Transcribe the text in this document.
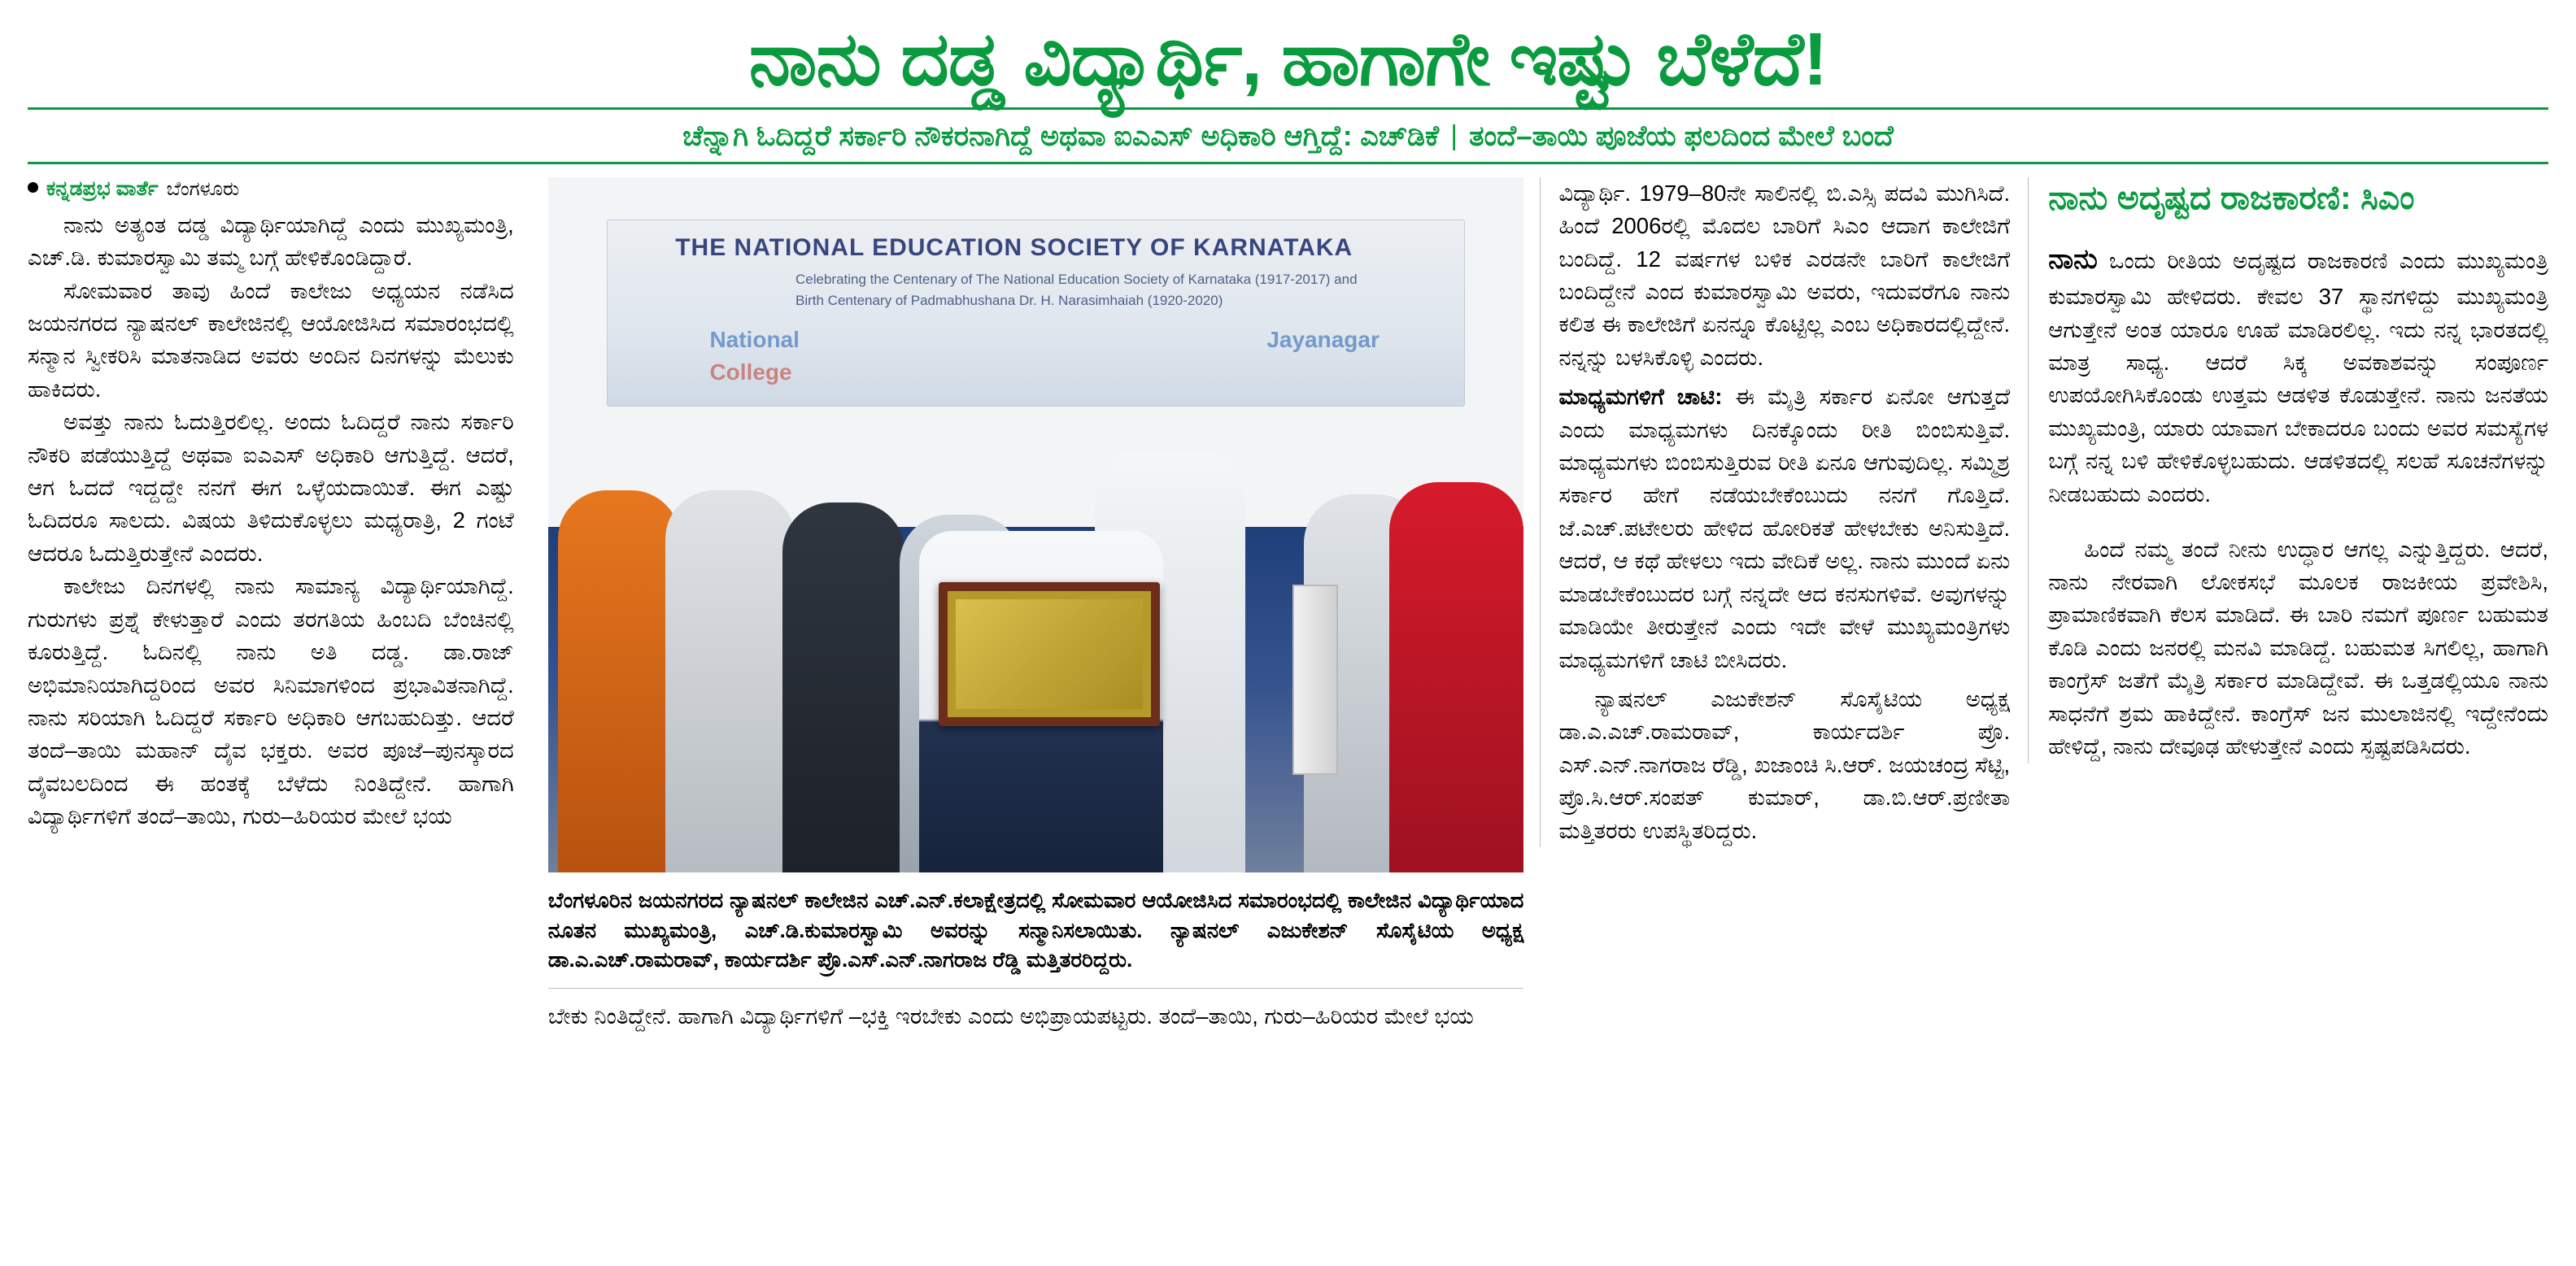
ನಾನು ದಡ್ಡ ವಿದ್ಯಾರ್ಥಿ, ಹಾಗಾಗೇ ಇಷ್ಟು ಬೆಳೆದೆ!
ಚೆನ್ನಾಗಿ ಓದಿದ್ದರೆ ಸರ್ಕಾರಿ ನೌಕರನಾಗಿದ್ದೆ ಅಥವಾ ಐಎಎಸ್ ಅಧಿಕಾರಿ ಆಗ್ತಿದ್ದೆ: ಎಚ್‌ಡಿಕೆ | ತಂದೆ–ತಾಯಿ ಪೂಜೆಯ ಫಲದಿಂದ ಮೇಲೆ ಬಂದೆ
ಕನ್ನಡಪ್ರಭ ವಾರ್ತೆ ಬೆಂಗಳೂರು

ನಾನು ಅತ್ಯಂತ ದಡ್ಡ ವಿದ್ಯಾರ್ಥಿಯಾಗಿದ್ದೆ ಎಂದು ಮುಖ್ಯಮಂತ್ರಿ, ಎಚ್‌.ಡಿ. ಕುಮಾರಸ್ವಾಮಿ ತಮ್ಮ ಬಗ್ಗೆ ಹೇಳಿಕೊಂಡಿದ್ದಾರೆ.

ಸೋಮವಾರ ತಾವು ಹಿಂದೆ ಕಾಲೇಜು ಅಧ್ಯಯನ ನಡೆಸಿದ ಜಯನಗರದ ನ್ಯಾಷನಲ್ ಕಾಲೇಜಿನಲ್ಲಿ ಆಯೋಜಿಸಿದ ಸಮಾರಂಭದಲ್ಲಿ ಸನ್ಮಾನ ಸ್ವೀಕರಿಸಿ ಮಾತನಾಡಿದ ಅವರು ಅಂದಿನ ದಿನಗಳನ್ನು ಮೆಲುಕು ಹಾಕಿದರು.

ಅವತ್ತು ನಾನು ಓದುತ್ತಿರಲಿಲ್ಲ. ಅಂದು ಓದಿದ್ದರೆ ನಾನು ಸರ್ಕಾರಿ ನೌಕರಿ ಪಡೆಯುತ್ತಿದ್ದೆ ಅಥವಾ ಐಎಎಸ್ ಅಧಿಕಾರಿ ಆಗುತ್ತಿದ್ದೆ. ಆದರೆ, ಆಗ ಓದದೆ ಇದ್ದದ್ದೇ ನನಗೆ ಈಗ ಒಳ್ಳೆಯದಾಯಿತೆ. ಈಗ ಎಷ್ಟು ಓದಿದರೂ ಸಾಲದು. ವಿಷಯ ತಿಳಿದುಕೊಳ್ಳಲು ಮಧ್ಯರಾತ್ರಿ, 2 ಗಂಟೆ ಆದರೂ ಓದುತ್ತಿರುತ್ತೇನೆ ಎಂದರು.

ಕಾಲೇಜು ದಿನಗಳಲ್ಲಿ ನಾನು ಸಾಮಾನ್ಯ ವಿದ್ಯಾರ್ಥಿಯಾಗಿದ್ದೆ. ಗುರುಗಳು ಪ್ರಶ್ನೆ ಕೇಳುತ್ತಾರೆ ಎಂದು ತರಗತಿಯ ಹಿಂಬದಿ ಬೆಂಚಿನಲ್ಲಿ ಕೂರುತ್ತಿದ್ದೆ. ಓದಿನಲ್ಲಿ ನಾನು ಅತಿ ದಡ್ಡ. ಡಾ.ರಾಜ್ ಅಭಿಮಾನಿಯಾಗಿದ್ದರಿಂದ ಅವರ ಸಿನಿಮಾಗಳಿಂದ ಪ್ರಭಾವಿತನಾಗಿದ್ದೆ. ನಾನು ಸರಿಯಾಗಿ ಓದಿದ್ದರೆ ಸರ್ಕಾರಿ ಅಧಿಕಾರಿ ಆಗಬಹುದಿತ್ತು. ಆದರೆ ತಂದೆ–ತಾಯಿ ಮಹಾನ್ ದೈವ ಭಕ್ತರು. ಅವರ ಪೂಜೆ–ಪುನಸ್ಕಾರದ ದೈವಬಲದಿಂದ ಈ ಹಂತಕ್ಕೆ ಬೆಳೆದು ನಿಂತಿದ್ದೇನೆ. ಹಾಗಾಗಿ ವಿದ್ಯಾರ್ಥಿಗಳಿಗೆ ತಂದೆ–ತಾಯಿ, ಗುರು–ಹಿರಿಯರ ಮೇಲೆ ಭಯ

THE NATIONAL EDUCATION SOCIETY OF KARNATAKA
Celebrating the Centenary of The National Education Society of Karnataka (1917-2017) and
Birth Centenary of Padmabhushana Dr. H. Narasimhaiah (1920-2020)
National
College
Jayanagar

ಬೆಂಗಳೂರಿನ ಜಯನಗರದ ನ್ಯಾಷನಲ್ ಕಾಲೇಜಿನ ಎಚ್‌.ಎನ್‌.ಕಲಾಕ್ಷೇತ್ರದಲ್ಲಿ ಸೋಮವಾರ ಆಯೋಜಿಸಿದ ಸಮಾರಂಭದಲ್ಲಿ ಕಾಲೇಜಿನ ವಿದ್ಯಾರ್ಥಿಯಾದ ನೂತನ ಮುಖ್ಯಮಂತ್ರಿ, ಎಚ್‌.ಡಿ.ಕುಮಾರಸ್ವಾಮಿ ಅವರನ್ನು ಸನ್ಮಾನಿಸಲಾಯಿತು. ನ್ಯಾಷನಲ್ ಎಜುಕೇಶನ್ ಸೊಸೈಟಿಯ ಅಧ್ಯಕ್ಷ ಡಾ.ಎ.ಎಚ್‌.ರಾಮರಾವ್, ಕಾರ್ಯದರ್ಶಿ ಪ್ರೊ.ಎಸ್‌.ಎನ್‌.ನಾಗರಾಜ ರೆಡ್ಡಿ ಮತ್ತಿತರರಿದ್ದರು.

ಬೇಕು ನಿಂತಿದ್ದೇನೆ. ಹಾಗಾಗಿ ವಿದ್ಯಾರ್ಥಿಗಳಿಗೆ –ಭಕ್ತಿ ಇರಬೇಕು ಎಂದು ಅಭಿಪ್ರಾಯಪಟ್ಟರು. ತಂದೆ–ತಾಯಿ, ಗುರು–ಹಿರಿಯರ ಮೇಲೆ ಭಯ

ವಿದ್ಯಾರ್ಥಿ. 1979–80ನೇ ಸಾಲಿನಲ್ಲಿ ಬಿ.ಎಸ್ಸಿ ಪದವಿ ಮುಗಿಸಿದೆ. ಹಿಂದೆ 2006ರಲ್ಲಿ ಮೊದಲ ಬಾರಿಗೆ ಸಿಎಂ ಆದಾಗ ಕಾಲೇಜಿಗೆ ಬಂದಿದ್ದೆ. 12 ವರ್ಷಗಳ ಬಳಿಕ ಎರಡನೇ ಬಾರಿಗೆ ಕಾಲೇಜಿಗೆ ಬಂದಿದ್ದೇನೆ ಎಂದ ಕುಮಾರಸ್ವಾಮಿ ಅವರು, ಇದುವರೆಗೂ ನಾನು ಕಲಿತ ಈ ಕಾಲೇಜಿಗೆ ಏನನ್ನೂ ಕೊಟ್ಟಿಲ್ಲ ಎಂಬ ಅಧಿಕಾರದಲ್ಲಿದ್ದೇನೆ. ನನ್ನನ್ನು ಬಳಸಿಕೊಳ್ಳಿ ಎಂದರು.

ಮಾಧ್ಯಮಗಳಿಗೆ ಚಾಟಿ: ಈ ಮೈತ್ರಿ ಸರ್ಕಾರ ಏನೋ ಆಗುತ್ತದೆ ಎಂದು ಮಾಧ್ಯಮಗಳು ದಿನಕ್ಕೊಂದು ರೀತಿ ಬಿಂಬಿಸುತ್ತಿವೆ. ಮಾಧ್ಯಮಗಳು ಬಿಂಬಿಸುತ್ತಿರುವ ರೀತಿ ಏನೂ ಆಗುವುದಿಲ್ಲ. ಸಮ್ಮಿಶ್ರ ಸರ್ಕಾರ ಹೇಗೆ ನಡೆಯಬೇಕೆಂಬುದು ನನಗೆ ಗೊತ್ತಿದೆ. ಜೆ.ಎಚ್‌.ಪಟೇಲರು ಹೇಳಿದ ಹೋರಿಕತೆ ಹೇಳಬೇಕು ಅನಿಸುತ್ತಿದೆ. ಆದರೆ, ಆ ಕಥೆ ಹೇಳಲು ಇದು ವೇದಿಕೆ ಅಲ್ಲ. ನಾನು ಮುಂದೆ ಏನು ಮಾಡಬೇಕೆಂಬುದರ ಬಗ್ಗೆ ನನ್ನದೇ ಆದ ಕನಸುಗಳಿವೆ. ಅವುಗಳನ್ನು ಮಾಡಿಯೇ ತೀರುತ್ತೇನೆ ಎಂದು ಇದೇ ವೇಳೆ ಮುಖ್ಯಮಂತ್ರಿಗಳು ಮಾಧ್ಯಮಗಳಿಗೆ ಚಾಟಿ ಬೀಸಿದರು.

ನ್ಯಾಷನಲ್ ಎಜುಕೇಶನ್ ಸೊಸೈಟಿಯ ಅಧ್ಯಕ್ಷ ಡಾ.ಎ.ಎಚ್‌.ರಾಮರಾವ್, ಕಾರ್ಯದರ್ಶಿ ಪ್ರೊ. ಎಸ್‌.ಎನ್‌.ನಾಗರಾಜ ರೆಡ್ಡಿ, ಖಜಾಂಚಿ ಸಿ.ಆರ್‌. ಜಯಚಂದ್ರ ಸೆಟ್ಟಿ, ಪ್ರೊ.ಸಿ.ಆರ್‌.ಸಂಪತ್ ಕುಮಾರ್, ಡಾ.ಬಿ.ಆರ್‌.ಪ್ರಣೀತಾ ಮತ್ತಿತರರು ಉಪಸ್ಥಿತರಿದ್ದರು.

ನಾನು ಅದೃಷ್ಟದ ರಾಜಕಾರಣಿ: ಸಿಎಂ

ನಾನು ಒಂದು ರೀತಿಯ ಅದೃಷ್ಟದ ರಾಜಕಾರಣಿ ಎಂದು ಮುಖ್ಯಮಂತ್ರಿ ಕುಮಾರಸ್ವಾಮಿ ಹೇಳಿದರು. ಕೇವಲ 37 ಸ್ಥಾನಗಳಿದ್ದು ಮುಖ್ಯಮಂತ್ರಿ ಆಗುತ್ತೇನೆ ಅಂತ ಯಾರೂ ಊಹೆ ಮಾಡಿರಲಿಲ್ಲ. ಇದು ನನ್ನ ಭಾರತದಲ್ಲಿ ಮಾತ್ರ ಸಾಧ್ಯ. ಆದರೆ ಸಿಕ್ಕ ಅವಕಾಶವನ್ನು ಸಂಪೂರ್ಣ ಉಪಯೋಗಿಸಿಕೊಂಡು ಉತ್ತಮ ಆಡಳಿತ ಕೊಡುತ್ತೇನೆ. ನಾನು ಜನತೆಯ ಮುಖ್ಯಮಂತ್ರಿ, ಯಾರು ಯಾವಾಗ ಬೇಕಾದರೂ ಬಂದು ಅವರ ಸಮಸ್ಯೆಗಳ ಬಗ್ಗೆ ನನ್ನ ಬಳಿ ಹೇಳಿಕೊಳ್ಳಬಹುದು. ಆಡಳಿತದಲ್ಲಿ ಸಲಹೆ ಸೂಚನೆಗಳನ್ನು ನೀಡಬಹುದು ಎಂದರು.

ಹಿಂದೆ ನಮ್ಮ ತಂದೆ ನೀನು ಉದ್ಧಾರ ಆಗಲ್ಲ ಎನ್ನುತ್ತಿದ್ದರು. ಆದರೆ, ನಾನು ನೇರವಾಗಿ ಲೋಕಸಭೆ ಮೂಲಕ ರಾಜಕೀಯ ಪ್ರವೇಶಿಸಿ, ಪ್ರಾಮಾಣಿಕವಾಗಿ ಕೆಲಸ ಮಾಡಿದೆ. ಈ ಬಾರಿ ನಮಗೆ ಪೂರ್ಣ ಬಹುಮತ ಕೊಡಿ ಎಂದು ಜನರಲ್ಲಿ ಮನವಿ ಮಾಡಿದ್ದೆ. ಬಹುಮತ ಸಿಗಲಿಲ್ಲ, ಹಾಗಾಗಿ ಕಾಂಗ್ರೆಸ್ ಜತೆಗೆ ಮೈತ್ರಿ ಸರ್ಕಾರ ಮಾಡಿದ್ದೇವೆ. ಈ ಒತ್ತಡಲ್ಲಿಯೂ ನಾನು ಸಾಧನೆಗೆ ಶ್ರಮ ಹಾಕಿದ್ದೇನೆ. ಕಾಂಗ್ರೆಸ್ ಜನ ಮುಲಾಜಿನಲ್ಲಿ ಇದ್ದೇನೆಂದು ಹೇಳಿದ್ದೆ, ನಾನು ದೇವೂಢ ಹೇಳುತ್ತೇನೆ ಎಂದು ಸ್ಪಷ್ಟಪಡಿಸಿದರು.
